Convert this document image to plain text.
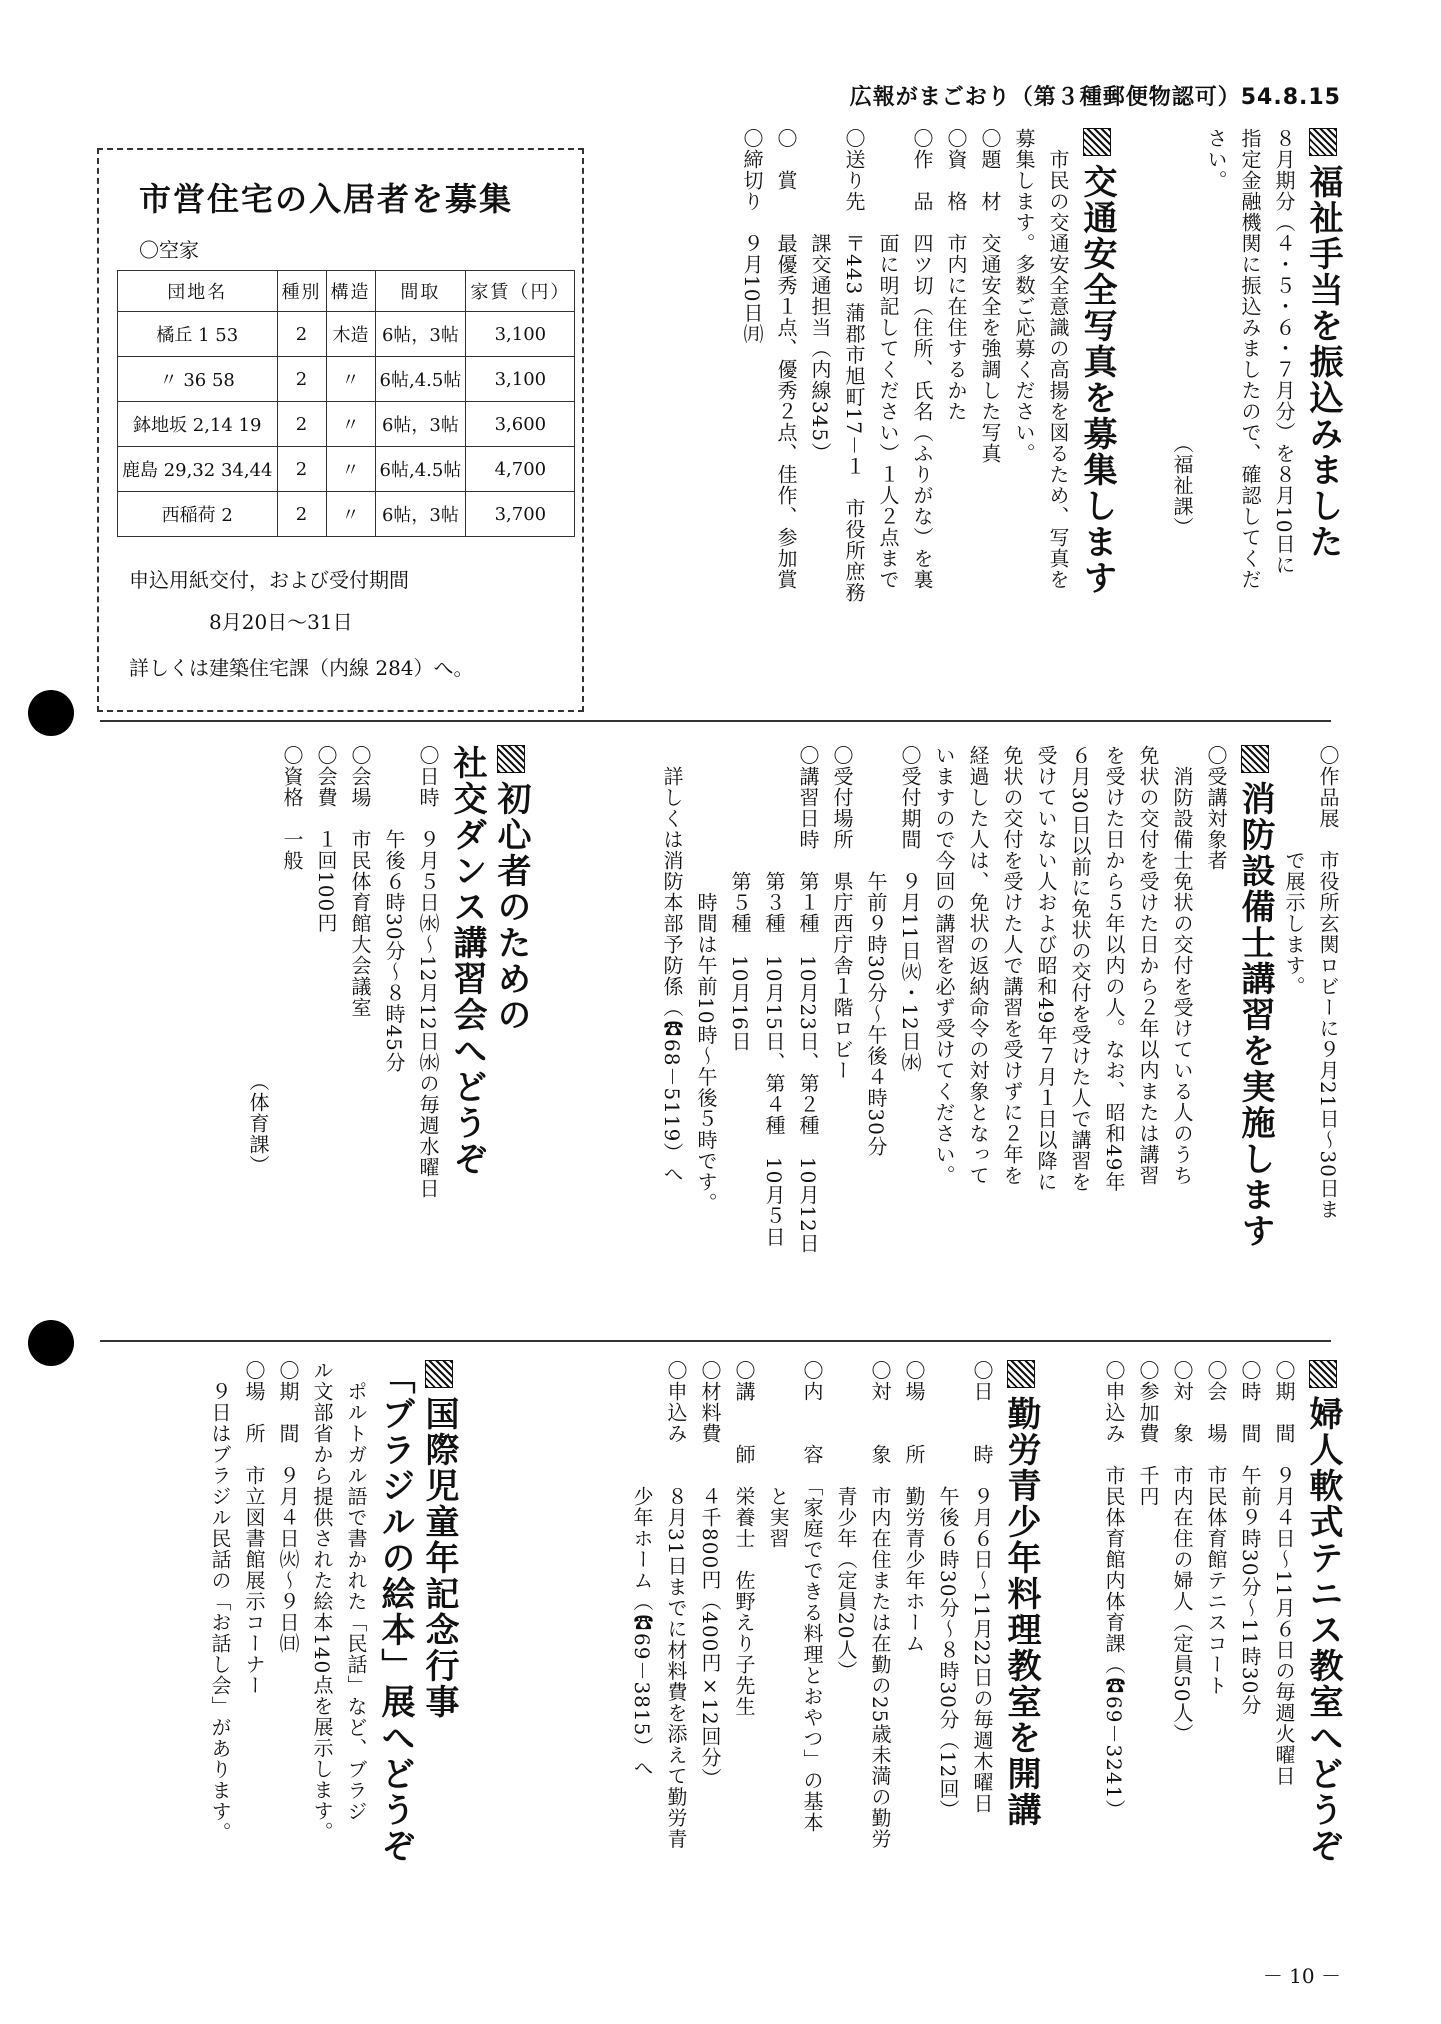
広報がまごおり（第３種郵便物認可）54.8.15
市営住宅の入居者を募集
〇空家
団地名	種別	構造	間取	家賃（円）
橘丘 1 53	2	木造	6帖，3帖	3,100
〃 36 58	2	〃	6帖,4.5帖	3,100
鉢地坂 2,14 19	2	〃	6帖，3帖	3,600
鹿島 29,32 34,44	2	〃	6帖,4.5帖	4,700
西稲荷 2	2	〃	6帖，3帖	3,700
申込用紙交付，および受付期間
8月20日～31日
詳しくは建築住宅課（内線 284）へ。

福祉手当を振込みました

８月期分（４・５・６・７月分）を８月10日に

指定金融機関に振込みましたので、確認してくだ

さい。

　　　　　　　　　　　　　　　（福祉課）

交通安全写真を募集します

　市民の交通安全意識の高揚を図るため、写真を

募集します。多数ご応募ください。

〇題　材　交通安全を強調した写真

〇資　格　市内に在住するかた

〇作　品　四ツ切（住所、氏名（ふりがな）を裏

　　　　　面に明記してください）１人２点まで

〇送り先　〒443 蒲郡市旭町17－１　市役所庶務

　　　　　課交通担当（内線345）

〇　賞　　最優秀１点、優秀２点、佳作、参加賞

〇締切り　９月10日㈪

〇作品展　市役所玄関ロビーに９月21日～30日ま

　　　　　で展示します。

消防設備士講習を実施します

〇受講対象者

　消防設備士免状の交付を受けている人のうち

免状の交付を受けた日から２年以内または講習

を受けた日から５年以内の人。なお、昭和49年

６月30日以前に免状の交付を受けた人で講習を

受けていない人および昭和49年７月１日以降に

免状の交付を受けた人で講習を受けずに２年を

経過した人は、免状の返納命令の対象となって

いますので今回の講習を必ず受けてください。

〇受付期間　９月11日㈫・12日㈬

　　　　　　午前９時30分～午後４時30分

〇受付場所　県庁西庁舎１階ロビー

〇講習日時　第１種　10月23日、第２種　10月12日

　　　　　　第３種　10月15日、第４種　10月５日

　　　　　　第５種　10月16日

　　　　　　　時間は午前10時～午後５時です。

　詳しくは消防本部予防係（☎68－5119）へ

初心者のための

社交ダンス講習会へどうぞ

〇日時　９月５日㈬～12月12日㈬の毎週水曜日

　　　　午後６時30分～８時45分

〇会場　市民体育館大会議室

〇会費　１回100円

〇資格　一般

　　　　　　　　　　　　　　　　（体育課）

婦人軟式テニス教室へどうぞ

〇期　間　９月４日～11月６日の毎週火曜日

〇時　間　午前９時30分～11時30分

〇会　場　市民体育館テニスコート

〇対　象　市内在住の婦人（定員50人）

〇参加費　千円

〇申込み　市民体育館内体育課（☎69－3241）

勤労青少年料理教室を開講

〇日　　時　９月６日～11月22日の毎週木曜日

　　　　　　午後６時30分～８時30分（12回）

〇場　　所　勤労青少年ホーム

〇対　　象　市内在住または在勤の25歳未満の勤労

　　　　　　青少年（定員20人）

〇内　　容　「家庭でできる料理とおやつ」の基本

　　　　　　と実習

〇講　　師　栄養士　佐野えり子先生

〇材料費　　４千800円（400円×12回分）

〇申込み　　８月31日までに材料費を添えて勤労青

　　　　　　少年ホーム（☎69－3815）へ

国際児童年記念行事

「ブラジルの絵本」展へどうぞ

　ポルトガル語で書かれた「民話」など、ブラジ

ル文部省から提供された絵本140点を展示します。

〇期　間　９月４日㈫～９日㈰

〇場　所　市立図書館展示コーナー

　９日はブラジル民話の「お話し会」があります。

－ 10 －
